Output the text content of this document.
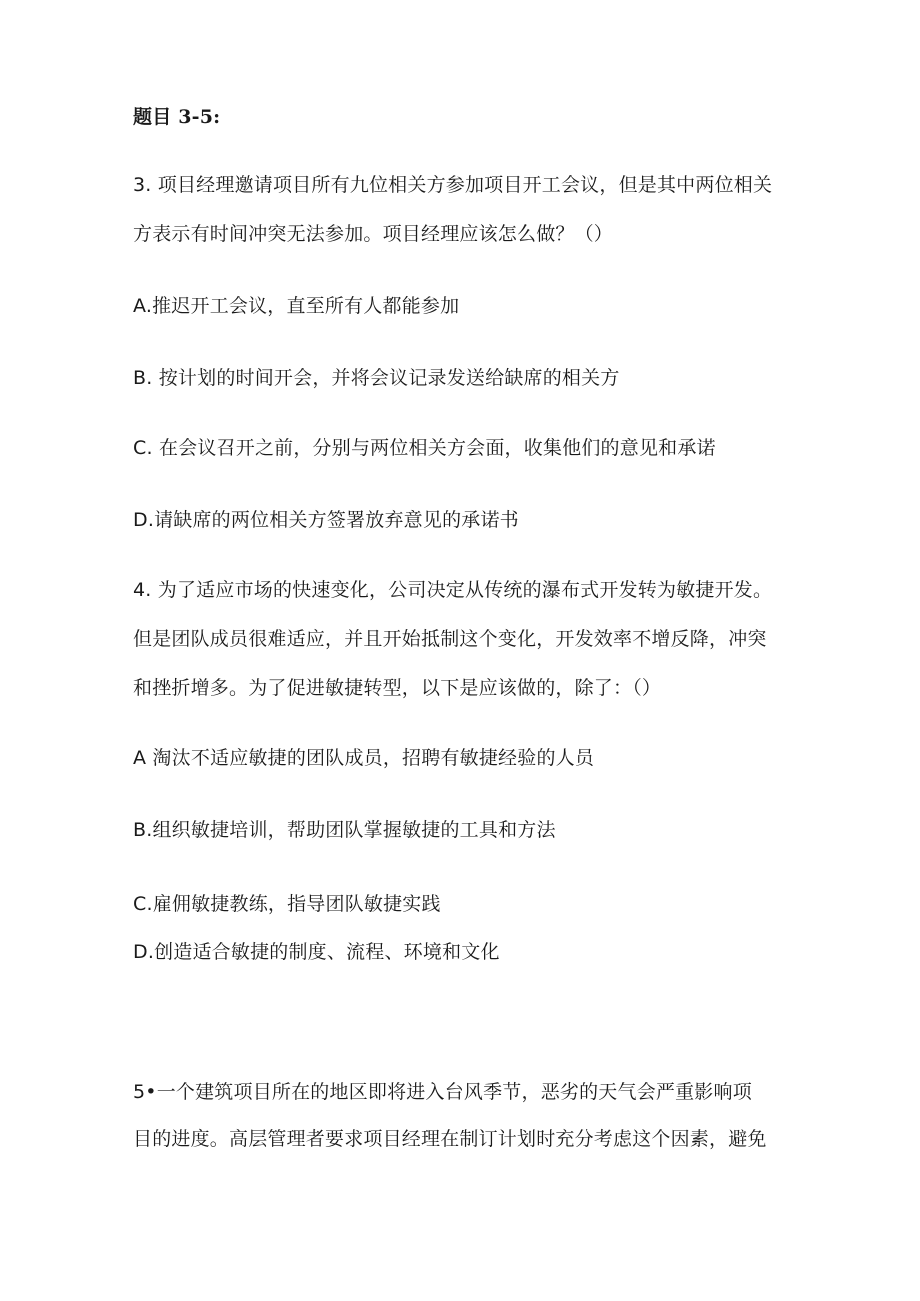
题目 3-5:
3. 项目经理邀请项目所有九位相关方参加项目开工会议，但是其中两位相关
方表示有时间冲突无法参加。项目经理应该怎么做？（）
A.推迟开工会议，直至所有人都能参加
B. 按计划的时间开会，并将会议记录发送给缺席的相关方
C. 在会议召开之前，分别与两位相关方会面，收集他们的意见和承诺
D.请缺席的两位相关方签署放弃意见的承诺书
4. 为了适应市场的快速变化，公司决定从传统的瀑布式开发转为敏捷开发。
但是团队成员很难适应，并且开始抵制这个变化，开发效率不增反降，冲突
和挫折增多。为了促进敏捷转型，以下是应该做的，除了：（）
A 淘汰不适应敏捷的团队成员，招聘有敏捷经验的人员
B.组织敏捷培训，帮助团队掌握敏捷的工具和方法
C.雇佣敏捷教练，指导团队敏捷实践
D.创造适合敏捷的制度、流程、环境和文化
5•一个建筑项目所在的地区即将进入台风季节，恶劣的天气会严重影响项
目的进度。高层管理者要求项目经理在制订计划时充分考虑这个因素，避免
